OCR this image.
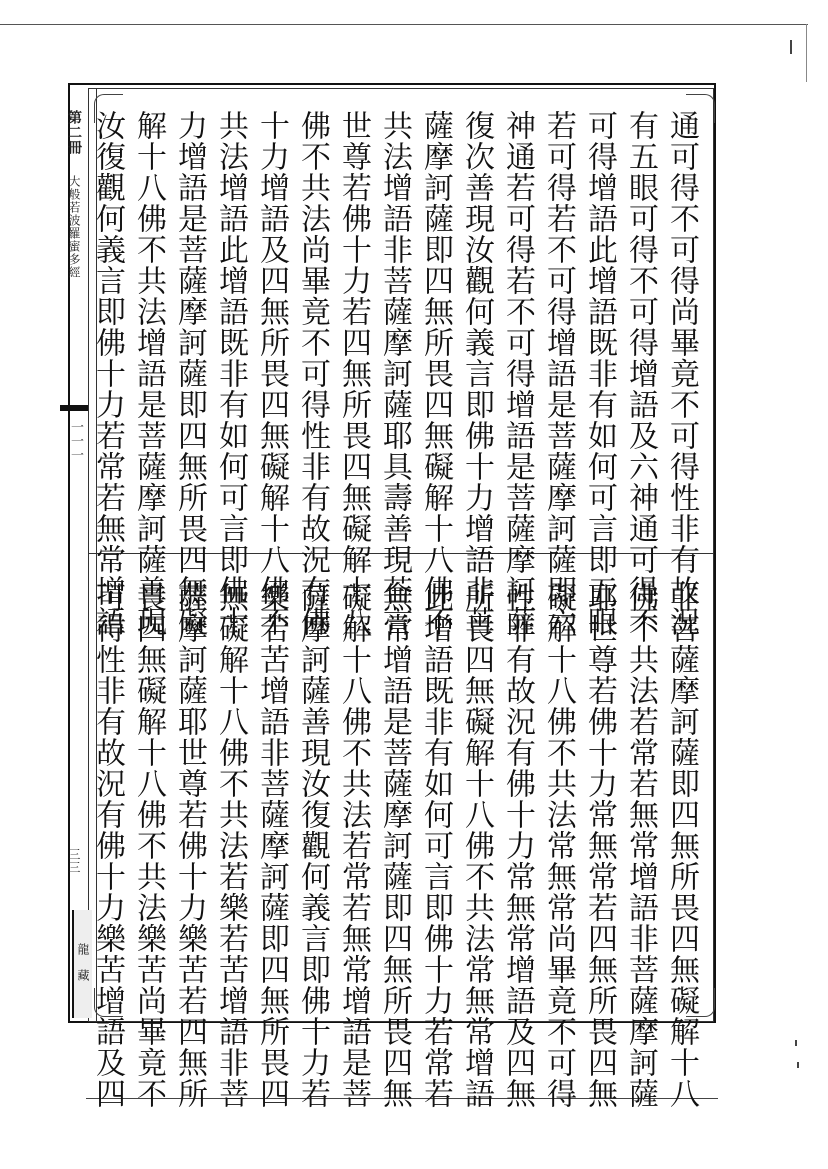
第二冊
大般若波羅蜜多經
一一一
三三
龍藏
通可得不可得尚畢竟不可得性非有故況
有五眼可得不可得增語及六神通可得不
可得增語此增語既非有如何可言即五眼
若可得若不可得增語是菩薩摩訶薩即六
神通若可得若不可得增語是菩薩摩訶薩
復次善現汝觀何義言即佛十力增語非菩
薩摩訶薩即四無所畏四無礙解十八佛不
共法增語非菩薩摩訶薩耶具壽善現荅言
世尊若佛十力若四無所畏四無礙解十八
佛不共法尚畢竟不可得性非有故況有佛
十力增語及四無所畏四無礙解十八佛不
共法增語此增語既非有如何可言即佛十
力增語是菩薩摩訶薩即四無所畏四無礙
解十八佛不共法增語是菩薩摩訶薩善現
汝復觀何義言即佛十力若常若無常增語
非菩薩摩訶薩即四無所畏四無礙解十八
佛不共法若常若無常增語非菩薩摩訶薩
耶世尊若佛十力常無常若四無所畏四無
礙解十八佛不共法常無常尚畢竟不可得
性非有故況有佛十力常無常增語及四無
所畏四無礙解十八佛不共法常無常增語
此增語既非有如何可言即佛十力若常若
無常增語是菩薩摩訶薩即四無所畏四無
礙解十八佛不共法若常若無常增語是菩
薩摩訶薩善現汝復觀何義言即佛十力若
樂若苦增語非菩薩摩訶薩即四無所畏四
無礙解十八佛不共法若樂若苦增語非菩
薩摩訶薩耶世尊若佛十力樂苦若四無所
畏四無礙解十八佛不共法樂苦尚畢竟不
可得性非有故況有佛十力樂苦增語及四
